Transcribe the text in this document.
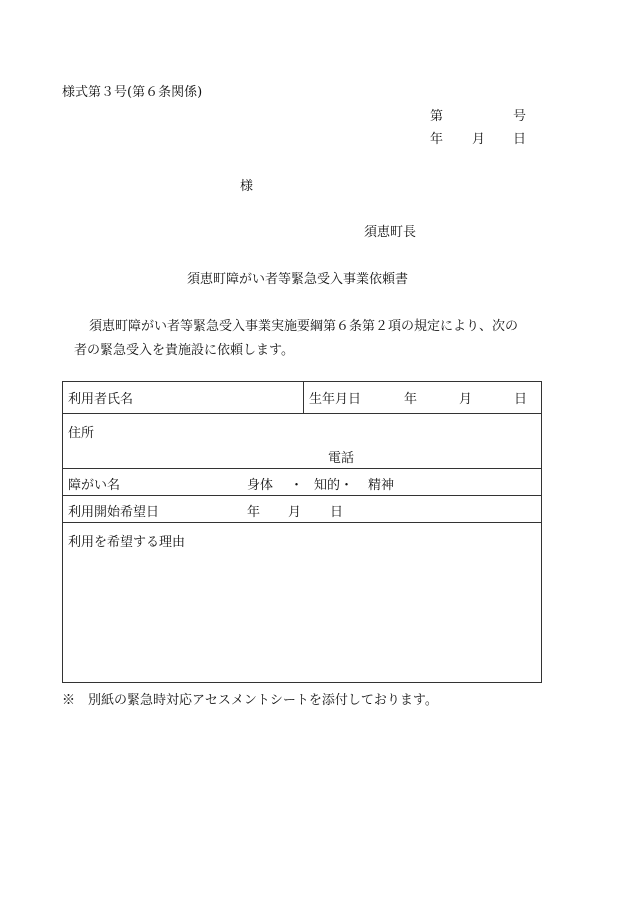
様式第３号(第６条関係)
第	号
年 月 日
様
須恵町長
須恵町障がい者等緊急受入事業依頼書
須恵町障がい者等緊急受入事業実施要綱第６条第２項の規定により、次の
者の緊急受入を貴施設に依頼します。
利用者氏名	生年月日	年	月	日
住所
電話
障がい名	身体 ・ 知的・ 精神
利用開始希望日	年 月 日
利用を希望する理由
※　別紙の緊急時対応アセスメントシートを添付しております。
